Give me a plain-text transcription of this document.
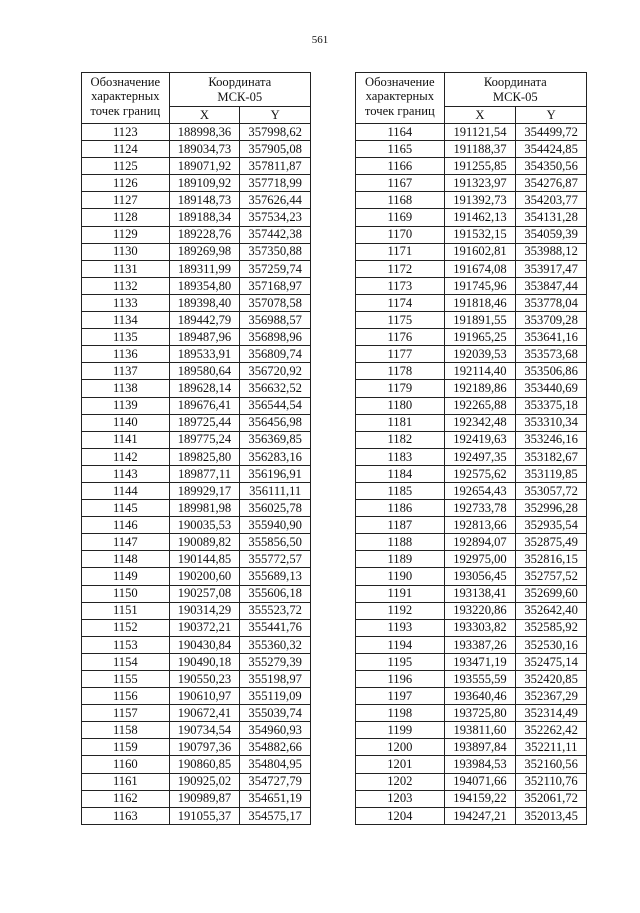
561
Обозначение
характерных
точек границ	Координата
МСК-05	
	X	Y
1123	188998,36	357998,62
1124	189034,73	357905,08
1125	189071,92	357811,87
1126	189109,92	357718,99
1127	189148,73	357626,44
1128	189188,34	357534,23
1129	189228,76	357442,38
1130	189269,98	357350,88
1131	189311,99	357259,74
1132	189354,80	357168,97
1133	189398,40	357078,58
1134	189442,79	356988,57
1135	189487,96	356898,96
1136	189533,91	356809,74
1137	189580,64	356720,92
1138	189628,14	356632,52
1139	189676,41	356544,54
1140	189725,44	356456,98
1141	189775,24	356369,85
1142	189825,80	356283,16
1143	189877,11	356196,91
1144	189929,17	356111,11
1145	189981,98	356025,78
1146	190035,53	355940,90
1147	190089,82	355856,50
1148	190144,85	355772,57
1149	190200,60	355689,13
1150	190257,08	355606,18
1151	190314,29	355523,72
1152	190372,21	355441,76
1153	190430,84	355360,32
1154	190490,18	355279,39
1155	190550,23	355198,97
1156	190610,97	355119,09
1157	190672,41	355039,74
1158	190734,54	354960,93
1159	190797,36	354882,66
1160	190860,85	354804,95
1161	190925,02	354727,79
1162	190989,87	354651,19
1163	191055,37	354575,17
Обозначение
характерных
точек границ	Координата
МСК-05	
	X	Y
1164	191121,54	354499,72
1165	191188,37	354424,85
1166	191255,85	354350,56
1167	191323,97	354276,87
1168	191392,73	354203,77
1169	191462,13	354131,28
1170	191532,15	354059,39
1171	191602,81	353988,12
1172	191674,08	353917,47
1173	191745,96	353847,44
1174	191818,46	353778,04
1175	191891,55	353709,28
1176	191965,25	353641,16
1177	192039,53	353573,68
1178	192114,40	353506,86
1179	192189,86	353440,69
1180	192265,88	353375,18
1181	192342,48	353310,34
1182	192419,63	353246,16
1183	192497,35	353182,67
1184	192575,62	353119,85
1185	192654,43	353057,72
1186	192733,78	352996,28
1187	192813,66	352935,54
1188	192894,07	352875,49
1189	192975,00	352816,15
1190	193056,45	352757,52
1191	193138,41	352699,60
1192	193220,86	352642,40
1193	193303,82	352585,92
1194	193387,26	352530,16
1195	193471,19	352475,14
1196	193555,59	352420,85
1197	193640,46	352367,29
1198	193725,80	352314,49
1199	193811,60	352262,42
1200	193897,84	352211,11
1201	193984,53	352160,56
1202	194071,66	352110,76
1203	194159,22	352061,72
1204	194247,21	352013,45
